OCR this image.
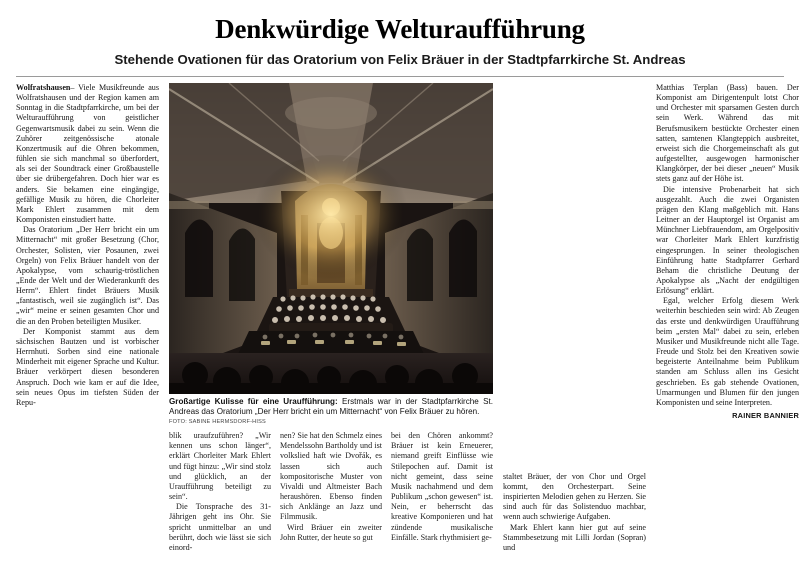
Denkwürdige Welturaufführung
Stehende Ovationen für das Oratorium von Felix Bräuer in der Stadtpfarrkirche St. Andreas

Wolfratshausen– Viele Musikfreunde aus Wolfratshausen und der Region kamen am Sonntag in die Stadtpfarrkirche, um bei der Welturaufführung von geistlicher Gegenwartsmusik dabei zu sein. Wenn die Zuhörer zeitgenössische atonale Konzertmusik auf die Ohren bekommen, fühlen sie sich manchmal so überfordert, als sei der Soundtrack einer Großbaustelle über sie drübergefahren. Doch hier war es anders. Sie bekamen eine eingängige, gefällige Musik zu hören, die Chorleiter Mark Ehlert zusammen mit dem Komponisten einstudiert hatte.

Das Oratorium „Der Herr bricht ein um Mitternacht“ mit großer Besetzung (Chor, Orchester, Solisten, vier Posaunen, zwei Orgeln) von Felix Bräuer handelt von der Apokalypse, vom schaurig-tröstlichen „Ende der Welt und der Wiederankunft des Herrn“. Ehlert findet Bräuers Musik „fantastisch, weil sie zugänglich ist“. Das „wir“ meine er seinen gesamten Chor und die an den Proben beteiligten Musiker.

Der Komponist stammt aus dem sächsischen Bautzen und ist vorbischer Herrnhuti. Sorben sind eine nationale Minderheit mit eigener Sprache und Kultur. Bräuer verkörpert diesen besonderen Anspruch. Doch wie kam er auf die Idee, sein neues Opus im tiefsten Süden der Repu-	Großartige Kulisse für eine Uraufführung: Erstmals war in der Stadtpfarrkirche St. Andreas das Oratorium „Der Herr bricht ein um Mitternacht“ von Felix Bräuer zu hören.
FOTO: SABINE HERMSDORF-HISS

blik uraufzuführen? „Wir kennen uns schon länger“, erklärt Chorleiter Mark Ehlert und fügt hinzu: „Wir sind stolz und glücklich, an der Uraufführung beteiligt zu sein“.

Die Tonsprache des 31-Jährigen geht ins Ohr. Sie spricht unmittelbar an und berührt, doch wie lässt sie sich einord-

nen? Sie hat den Schmelz eines Mendelssohn Bartholdy und ist volkslied haft wie Dvořák, es lassen sich auch kompositorische Muster von Vivaldi und Altmeister Bach heraushören. Ebenso finden sich Anklänge an Jazz und Filmmusik.

Wird Bräuer ein zweiter John Rutter, der heute so gut

bei den Chören ankommt? Bräuer ist kein Erneuerer, niemand greift Einflüsse wie Stilepochen auf. Damit ist nicht gemeint, dass seine Musik nachahmend und dem Publikum „schon gewesen“ ist. Nein, er beherrscht das kreative Komponieren und hat zündende musikalische Einfälle. Stark rhythmisiert ge-

staltet Bräuer, der von Chor und Orgel kommt, den Orchesterpart. Seine inspirierten Melodien gehen zu Herzen. Sie sind auch für das Solistenduo machbar, wenn auch schwierige Aufgaben.

Mark Ehlert kann hier gut auf seine Stammbesetzung mit Lilli Jordan (Sopran) und

Matthias Terplan (Bass) bauen. Der Komponist am Dirigentenpult lotst Chor und Orchester mit sparsamen Gesten durch sein Werk. Während das mit Berufsmusikern bestückte Orchester einen satten, samtenen Klangteppich ausbreitet, erweist sich die Chorgemeinschaft als gut aufgestellter, ausgewogen harmonischer Klangkörper, der bei dieser „neuen“ Musik stets ganz auf der Höhe ist.

Die intensive Probenarbeit hat sich ausgezahlt. Auch die zwei Organisten prägen den Klang maßgeblich mit. Hans Leitner an der Hauptorgel ist Organist am Münchner Liebfrauendom, am Orgelpositiv war Chorleiter Mark Ehlert kurzfristig eingesprungen. In seiner theologischen Einführung hatte Stadtpfarrer Gerhard Beham die christliche Deutung der Apokalypse als „Nacht der endgültigen Erlösung“ erklärt.

Egal, welcher Erfolg diesem Werk weiterhin beschieden sein wird: Ab Zeugen das erste und denkwürdigen Uraufführung beim „ersten Mal“ dabei zu sein, erleben Musiker und Musikfreunde nicht alle Tage. Freude und Stolz bei den Kreativen sowie begeisterte Anteilnahme beim Publikum standen am Schluss allen ins Gesicht geschrieben. Es gab stehende Ovationen, Umarmungen und Blumen für den jungen Komponisten und seine Interpreten.

RAINER BANNIER
